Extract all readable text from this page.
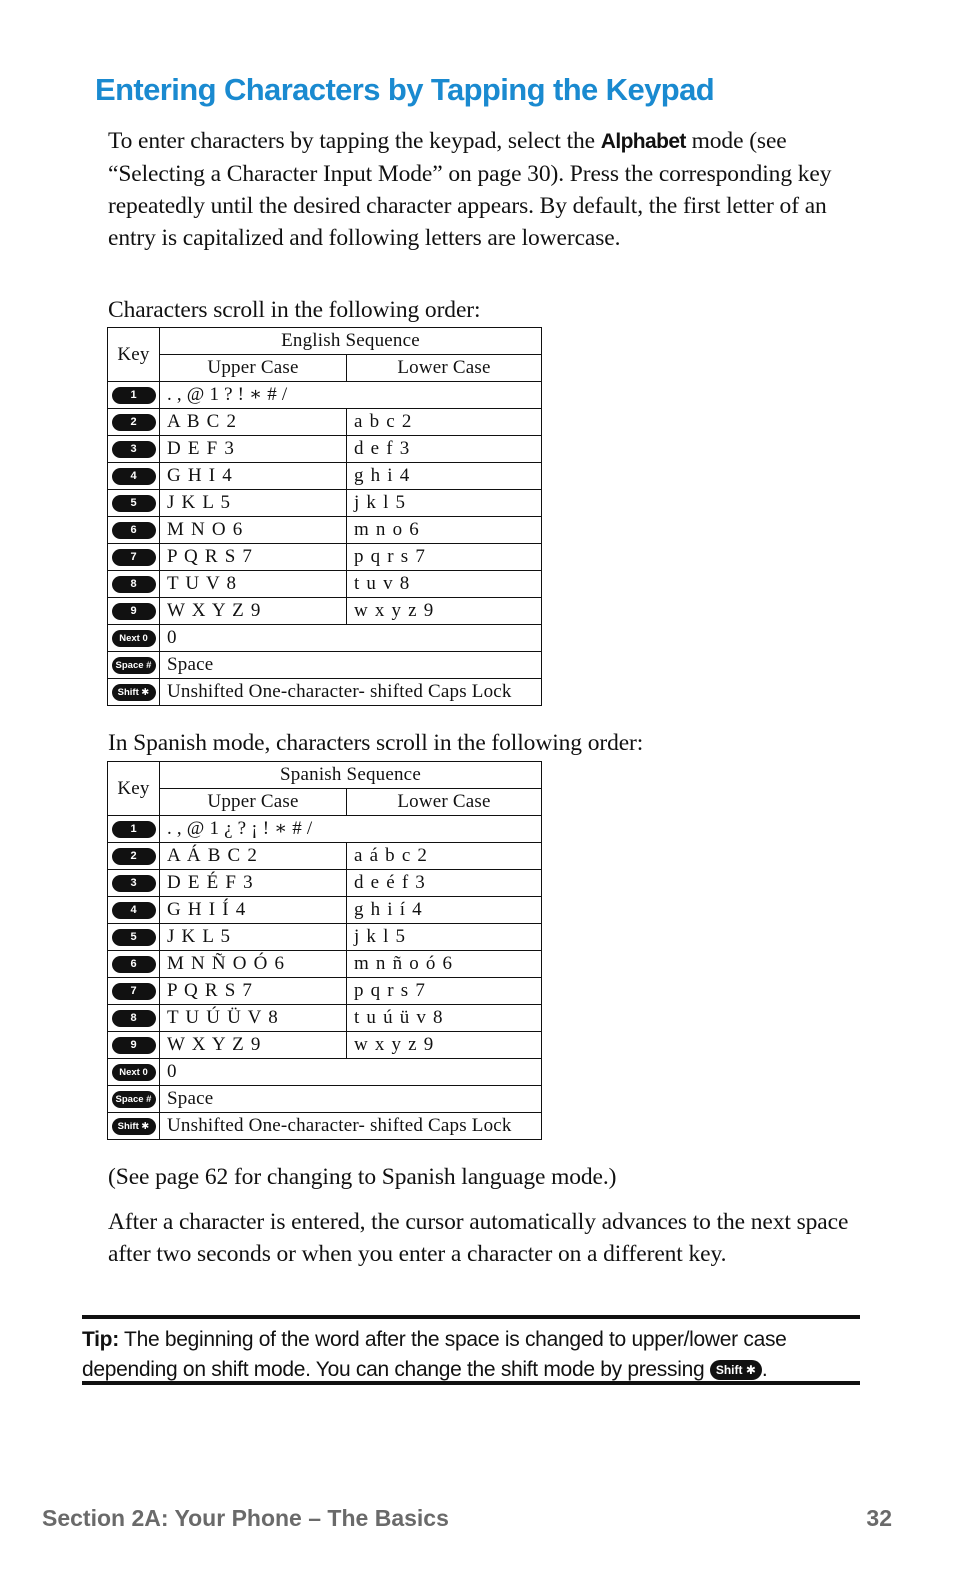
Entering Characters by Tapping the Keypad

To enter characters by tapping the keypad, select the Alphabet mode (see “Selecting a Character Input Mode” on page 30). Press the corresponding key repeatedly until the desired character appears. By default, the first letter of an entry is capitalized and following letters are lowercase.

Characters scroll in the following order:

Key	English Sequence	
	Upper Case	Lower Case
1	. , @ 1 ? ! ∗ # /	
2	A B C 2	a b c 2
3	D E F 3	d e f 3
4	G H I 4	g h i 4
5	J K L 5	j k l 5
6	M N O 6	m n o 6
7	P Q R S 7	p q r s 7
8	T U V 8	t u v 8
9	W X Y Z 9	w x y z 9
Next 0	0	
Space #	Space	
Shift ✱	Unshifted One-character- shifted Caps Lock	

In Spanish mode, characters scroll in the following order:

Key	Spanish Sequence	
	Upper Case	Lower Case
1	. , @ 1 ¿ ? ¡ ! ∗ # /	
2	A Á B C 2	a á b c 2
3	D E É F 3	d e é f 3
4	G H I Í 4	g h i í 4
5	J K L 5	j k l 5
6	M N Ñ O Ó 6	m n ñ o ó 6
7	P Q R S 7	p q r s 7
8	T U Ú Ü V 8	t u ú ü v 8
9	W X Y Z 9	w x y z 9
Next 0	0	
Space #	Space	
Shift ✱	Unshifted One-character- shifted Caps Lock	

(See page 62 for changing to Spanish language mode.)

After a character is entered, the cursor automatically advances to the next space after two seconds or when you enter a character on a different key.

Tip: The beginning of the word after the space is changed to upper/lower case depending on shift mode. You can change the shift mode by pressing Shift ✱ .

Section 2A: Your Phone – The Basics	32
